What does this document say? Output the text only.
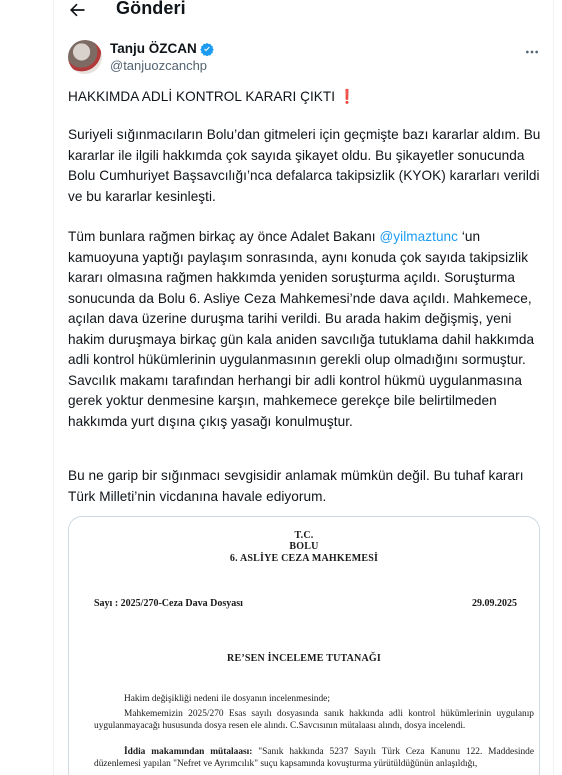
Gönderi
Tanju ÖZCAN
@tanjuozcanchp
HAKKIMDA ADLİ KONTROL KARARI ÇIKTI ❗
Suriyeli sığınmacıların Bolu’dan gitmeleri için geçmişte bazı kararlar aldım. Bu kararlar ile ilgili hakkımda çok sayıda şikayet oldu. Bu şikayetler sonucunda Bolu Cumhuriyet Başsavcılığı’nca defalarca takipsizlik (KYOK) kararları verildi ve bu kararlar kesinleşti.
Tüm bunlara rağmen birkaç ay önce Adalet Bakanı @yilmaztunc ‘un kamuoyuna yaptığı paylaşım sonrasında, aynı konuda çok sayıda takipsizlik kararı olmasına rağmen hakkımda yeniden soruşturma açıldı. Soruşturma sonucunda da Bolu 6. Asliye Ceza Mahkemesi’nde dava açıldı. Mahkemece, açılan dava üzerine duruşma tarihi verildi. Bu arada hakim değişmiş, yeni hakim duruşmaya birkaç gün kala aniden savcılığa tutuklama dahil hakkımda adli kontrol hükümlerinin uygulanmasının gerekli olup olmadığını sormuştur. Savcılık makamı tarafından herhangi bir adli kontrol hükmü uygulanmasına gerek yoktur denmesine karşın, mahkemece gerekçe bile belirtilmeden hakkımda yurt dışına çıkış yasağı konulmuştur.
Bu ne garip bir sığınmacı sevgisidir anlamak mümkün değil. Bu tuhaf kararı Türk Milleti’nin vicdanına havale ediyorum.
T.C.
BOLU
6. ASLİYE CEZA MAHKEMESİ
Sayı : 2025/270-Ceza Dava Dosyası	29.09.2025
RE’SEN İNCELEME TUTANAĞI
Hakim değişikliği nedeni ile dosyanın incelenmesinde;
Mahkememizin 2025/270 Esas sayılı dosyasında sanık hakkında adli kontrol hükümlerinin uygulanıp uygulanmayacağı hususunda dosya resen ele alındı. C.Savcısının mütalaası alındı, dosya incelendi.
İddia makamından mütalaası: "Sanık hakkında 5237 Sayılı Türk Ceza Kanunu 122. Maddesinde düzenlemesi yapılan "Nefret ve Ayrımcılık" suçu kapsamında kovuşturma yürütüldüğünün anlaşıldığı,
